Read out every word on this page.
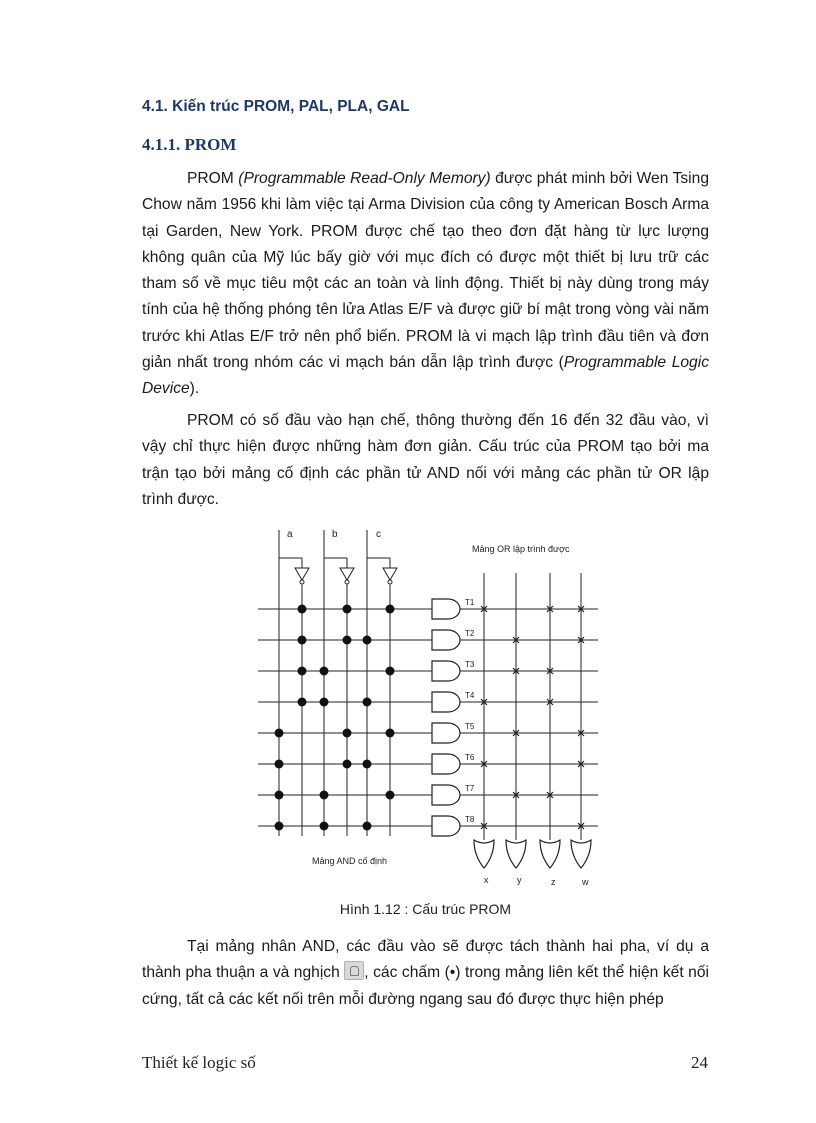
4.1. Kiến trúc PROM, PAL, PLA, GAL
4.1.1. PROM
PROM (Programmable Read-Only Memory) được phát minh bởi Wen Tsing Chow năm 1956 khi làm việc tại Arma Division của công ty American Bosch Arma tại Garden, New York. PROM được chế tạo theo đơn đặt hàng từ lực lượng không quân của Mỹ lúc bấy giờ với mục đích có được một thiết bị lưu trữ các tham số về mục tiêu một các an toàn và linh động. Thiết bị này dùng trong máy tính của hệ thống phóng tên lửa Atlas E/F và được giữ bí mật trong vòng vài năm trước khi Atlas E/F trở nên phổ biến. PROM là vi mạch lập trình đầu tiên và đơn giản nhất trong nhóm các vi mạch bán dẫn lập trình được (Programmable Logic Device).
PROM có số đầu vào hạn chế, thông thường đến 16 đến 32 đầu vào, vì vậy chỉ thực hiện được những hàm đơn giản. Cấu trúc của PROM tạo bởi ma trận tạo bởi mảng cố định các phần tử AND nối với mảng các phần tử OR lập trình được.
a	b	c
Mảng OR lập trình được
Mảng AND cố định
T1
T2
T3
T4
T5
T6
T7
T8
x	y	z	w
Hình 1.12 : Cấu trúc PROM
Tại mảng nhân AND, các đầu vào sẽ được tách thành hai pha, ví dụ a thành pha thuận a và nghịch , các chấm (•) trong mảng liên kết thể hiện kết nối cứng, tất cả các kết nối trên mỗi đường ngang sau đó được thực hiện phép
Thiết kế logic số	24
